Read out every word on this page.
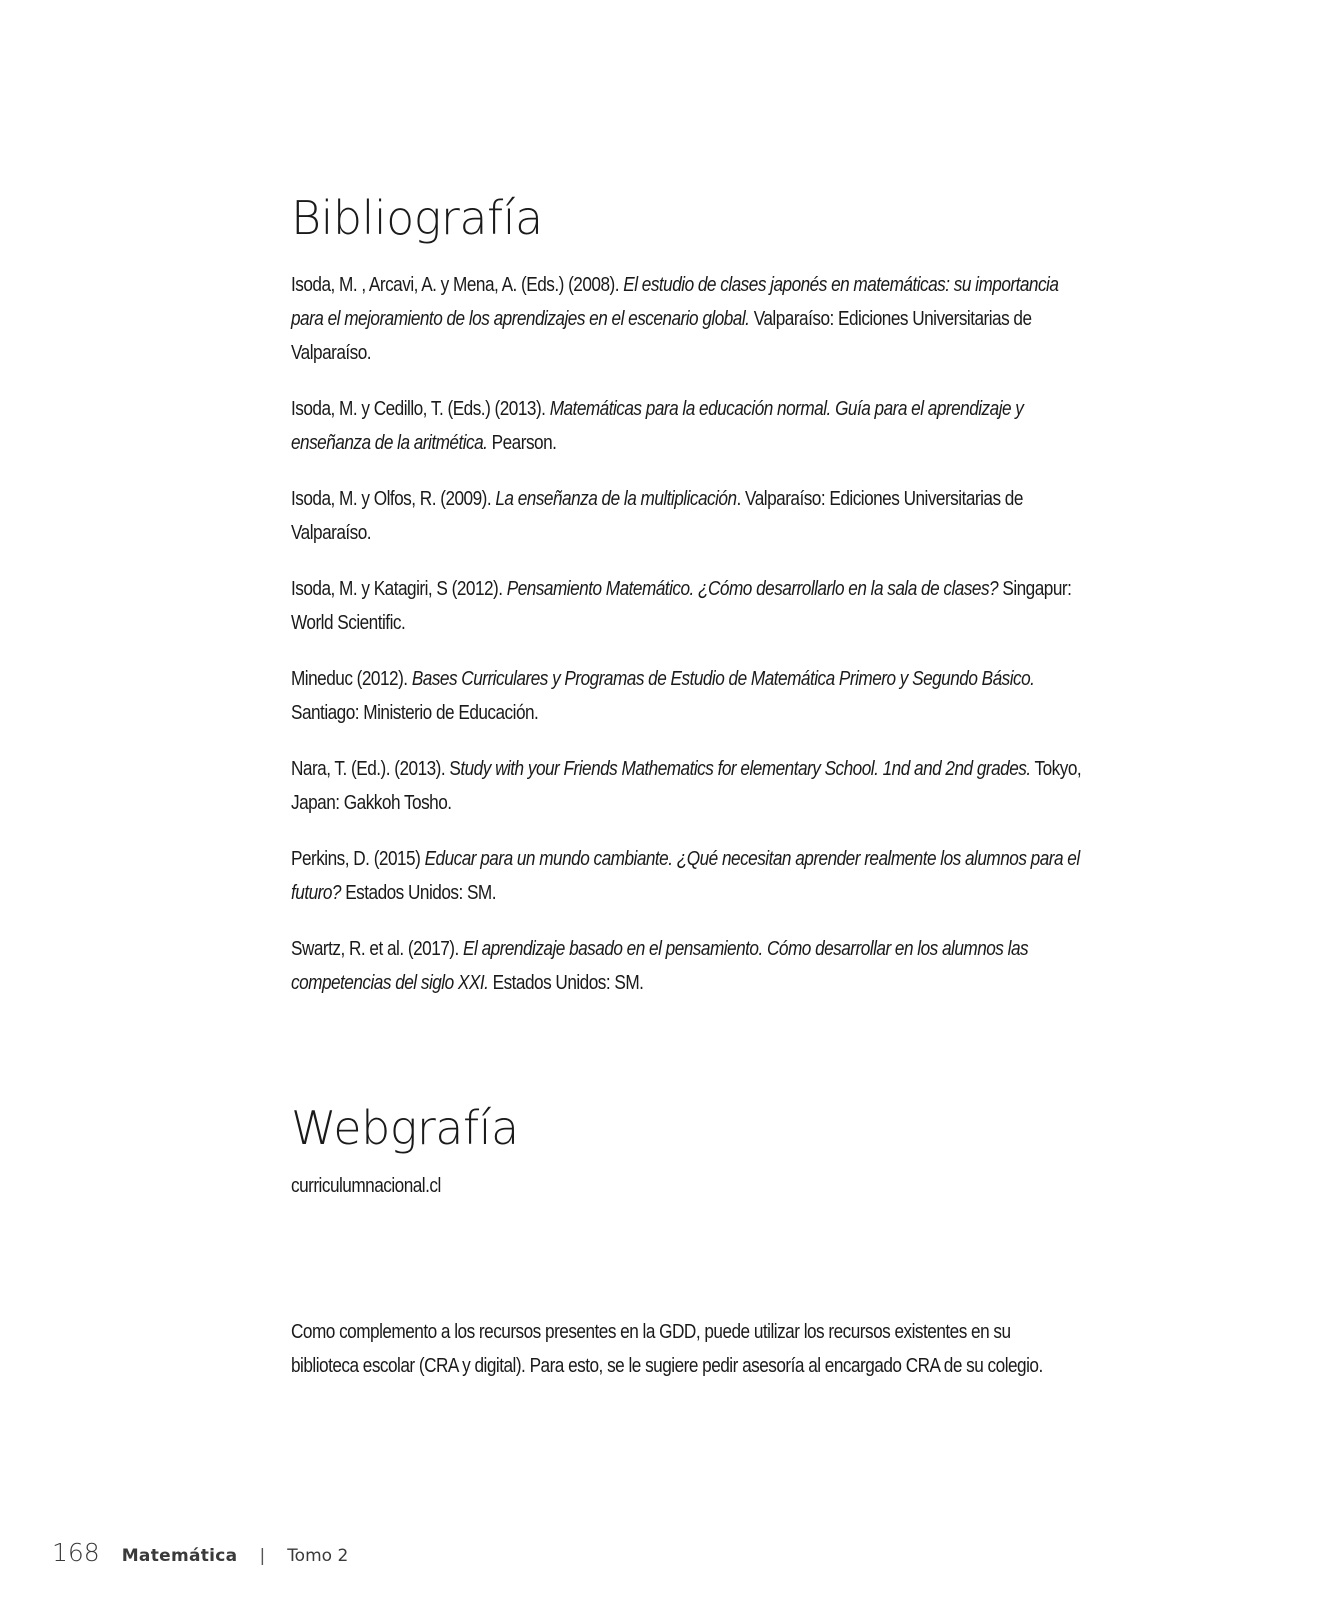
Bibliografía
Isoda, M. , Arcavi, A. y Mena, A. (Eds.) (2008). El estudio de clases japonés en matemáticas: su importancia para el mejoramiento de los aprendizajes en el escenario global. Valparaíso: Ediciones Universitarias de Valparaíso.
Isoda, M. y Cedillo, T. (Eds.) (2013). Matemáticas para la educación normal. Guía para el aprendizaje y enseñanza de la aritmética. Pearson.
Isoda, M. y Olfos, R. (2009). La enseñanza de la multiplicación. Valparaíso: Ediciones Universitarias de Valparaíso.
Isoda, M. y Katagiri, S (2012). Pensamiento Matemático. ¿Cómo desarrollarlo en la sala de clases? Singapur: World Scientific.
Mineduc (2012). Bases Curriculares y Programas de Estudio de Matemática Primero y Segundo Básico. Santiago: Ministerio de Educación.
Nara, T. (Ed.). (2013). Study with your Friends Mathematics for elementary School. 1nd and 2nd grades. Tokyo, Japan: Gakkoh Tosho.
Perkins, D. (2015) Educar para un mundo cambiante. ¿Qué necesitan aprender realmente los alumnos para el futuro? Estados Unidos: SM.
Swartz, R. et al. (2017). El aprendizaje basado en el pensamiento. Cómo desarrollar en los alumnos las competencias del siglo XXI. Estados Unidos: SM.
Webgrafía
curriculumnacional.cl

Como complemento a los recursos presentes en la GDD, puede utilizar los recursos existentes en su biblioteca escolar (CRA y digital). Para esto, se le sugiere pedir asesoría al encargado CRA de su colegio.

168 Matemática | Tomo 2
